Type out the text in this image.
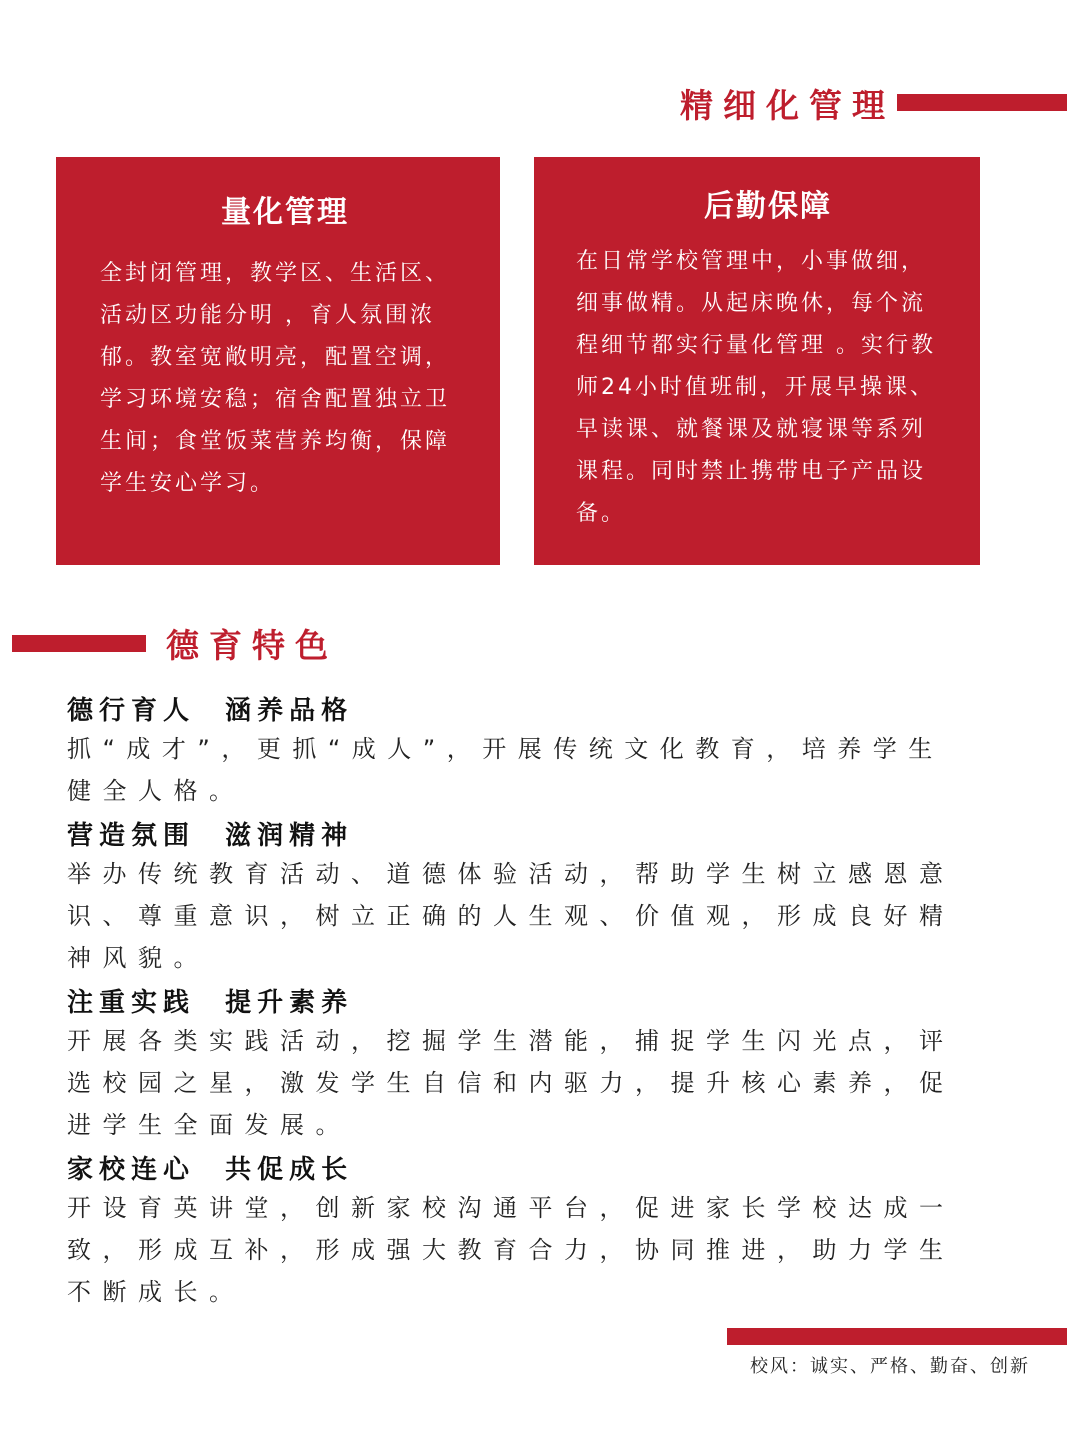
精细化管理
量化管理
全封闭管理，教学区、生活区、
活动区功能分明 ，育人氛围浓
郁。教室宽敞明亮，配置空调，
学习环境安稳；宿舍配置独立卫
生间；食堂饭菜营养均衡，保障
学生安心学习。
后勤保障
在日常学校管理中，小事做细，
细事做精。从起床晚休，每个流
程细节都实行量化管理 。实行教
师24小时值班制，开展早操课、
早读课、就餐课及就寝课等系列
课程。同时禁止携带电子产品设
备。
德育特色
德行育人  涵养品格
抓“成才”，更抓“成人”，开展传统文化教育，培养学生
健全人格。
营造氛围  滋润精神
举办传统教育活动、道德体验活动，帮助学生树立感恩意
识、尊重意识，树立正确的人生观、价值观，形成良好精
神风貌。
注重实践  提升素养
开展各类实践活动，挖掘学生潜能，捕捉学生闪光点，评
选校园之星，激发学生自信和内驱力，提升核心素养，促
进学生全面发展。
家校连心  共促成长
开设育英讲堂，创新家校沟通平台，促进家长学校达成一
致，形成互补，形成强大教育合力，协同推进，助力学生
不断成长。
校风：诚实、严格、勤奋、创新
